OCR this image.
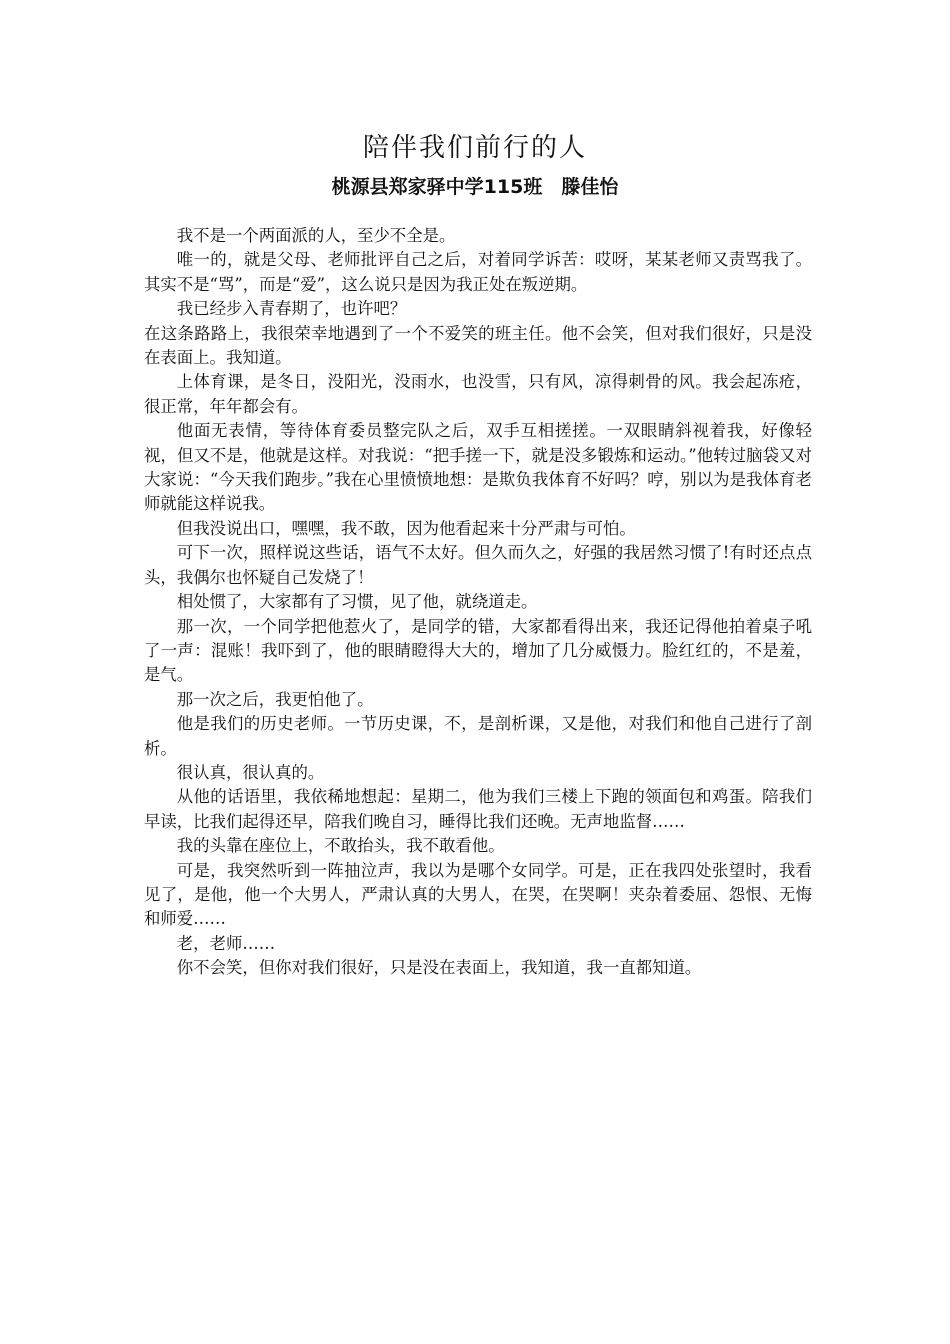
陪伴我们前行的人
桃源县郑家驿中学115班　滕佳怡

我不是一个两面派的人，至少不全是。

唯一的，就是父母、老师批评自己之后，对着同学诉苦：哎呀，某某老师又责骂我了。其实不是“骂”，而是“爱”，这么说只是因为我正处在叛逆期。

我已经步入青春期了，也许吧？

在这条路路上，我很荣幸地遇到了一个不爱笑的班主任。他不会笑，但对我们很好，只是没在表面上。我知道。

上体育课，是冬日，没阳光，没雨水，也没雪，只有风，凉得刺骨的风。我会起冻疮，很正常，年年都会有。

他面无表情，等待体育委员整完队之后，双手互相搓搓。一双眼睛斜视着我，好像轻视，但又不是，他就是这样。对我说：“把手搓一下，就是没多锻炼和运动。”他转过脑袋又对大家说：“今天我们跑步。”我在心里愤愤地想：是欺负我体育不好吗？哼，别以为是我体育老师就能这样说我。

但我没说出口，嘿嘿，我不敢，因为他看起来十分严肃与可怕。

可下一次，照样说这些话，语气不太好。但久而久之，好强的我居然习惯了!有时还点点头，我偶尔也怀疑自己发烧了！

相处惯了，大家都有了习惯，见了他，就绕道走。

那一次，一个同学把他惹火了，是同学的错，大家都看得出来，我还记得他拍着桌子吼了一声：混账！我吓到了，他的眼睛瞪得大大的，增加了几分威慑力。脸红红的，不是羞，是气。

那一次之后，我更怕他了。

他是我们的历史老师。一节历史课，不，是剖析课，又是他，对我们和他自己进行了剖析。

很认真，很认真的。

从他的话语里，我依稀地想起：星期二，他为我们三楼上下跑的领面包和鸡蛋。陪我们早读，比我们起得还早，陪我们晚自习，睡得比我们还晚。无声地监督……

我的头靠在座位上，不敢抬头，我不敢看他。

可是，我突然听到一阵抽泣声，我以为是哪个女同学。可是，正在我四处张望时，我看见了，是他，他一个大男人，严肃认真的大男人，在哭，在哭啊！夹杂着委屈、怨恨、无悔和师爱……

老，老师……

你不会笑，但你对我们很好，只是没在表面上，我知道，我一直都知道。
